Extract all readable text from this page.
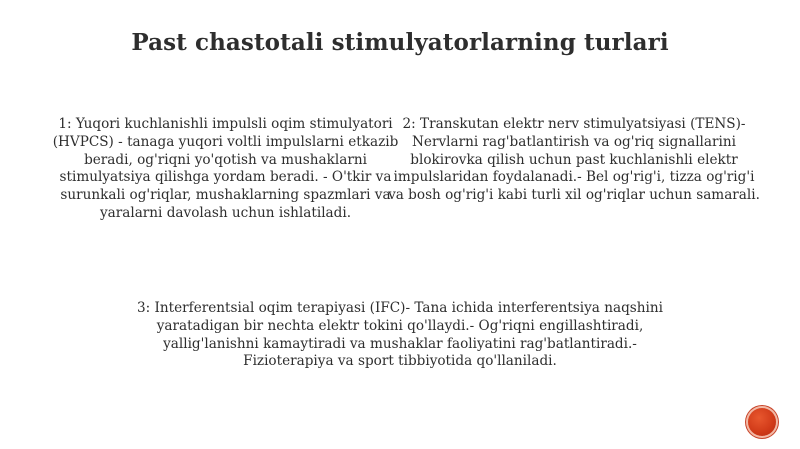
Past chastotali stimulyatorlarning turlari

1: Yuqori kuchlanishli impulsli oqim stimulyatori (HVPCS) - tanaga yuqori voltli impulslarni etkazib beradi, og'riqni yo'qotish va mushaklarni stimulyatsiya qilishga yordam beradi. - O'tkir va surunkali og'riqlar, mushaklarning spazmlari va yaralarni davolash uchun ishlatiladi.

2: Transkutan elektr nerv stimulyatsiyasi (TENS)- Nervlarni rag'batlantirish va og'riq signallarini blokirovka qilish uchun past kuchlanishli elektr impulslaridan foydalanadi.- Bel og'rig'i, tizza og'rig'i va bosh og'rig'i kabi turli xil og'riqlar uchun samarali.

3: Interferentsial oqim terapiyasi (IFC)- Tana ichida interferentsiya naqshini yaratadigan bir nechta elektr tokini qo'llaydi.- Og'riqni engillashtiradi, yallig'lanishni kamaytiradi va mushaklar faoliyatini rag'batlantiradi.- Fizioterapiya va sport tibbiyotida qo'llaniladi.
